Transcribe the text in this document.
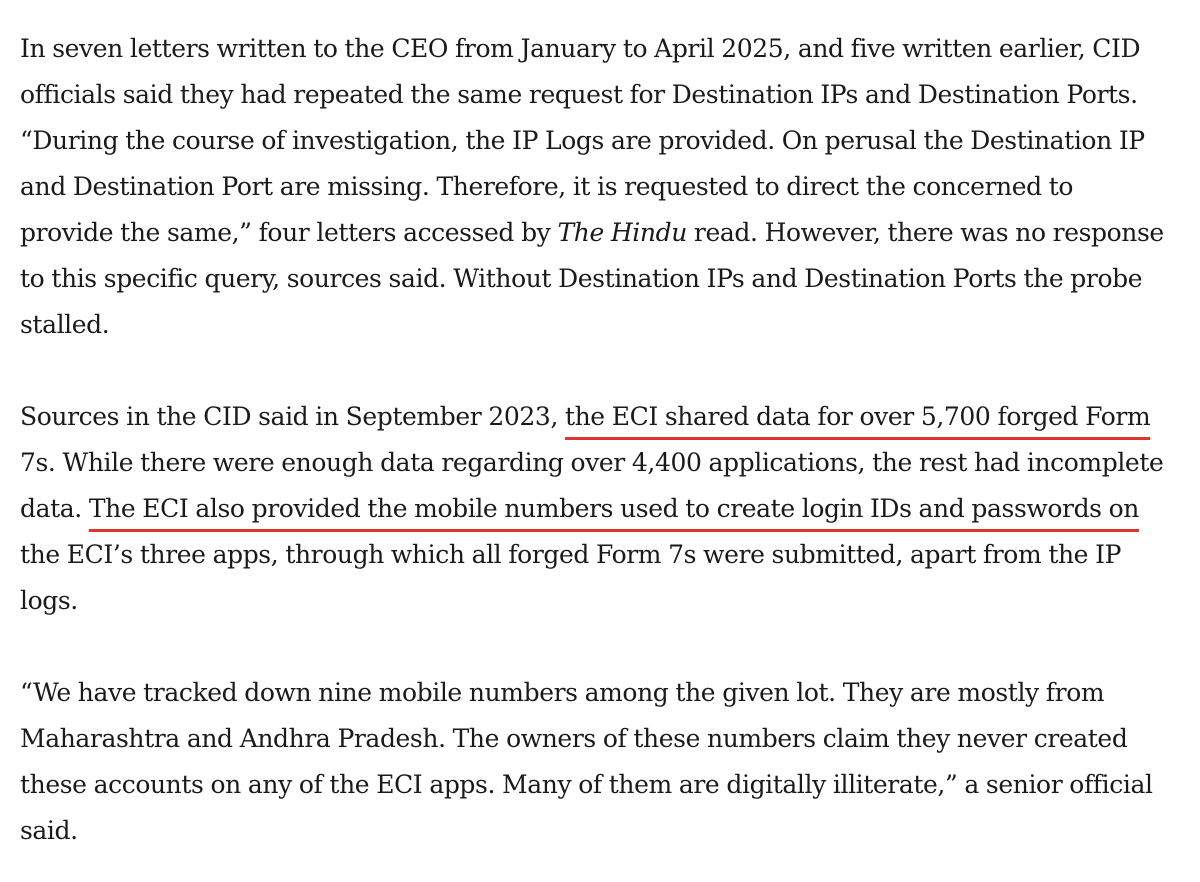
In seven letters written to the CEO from January to April 2025, and five written earlier, CID
officials said they had repeated the same request for Destination IPs and Destination Ports.
“During the course of investigation, the IP Logs are provided. On perusal the Destination IP
and Destination Port are missing. Therefore, it is requested to direct the concerned to
provide the same,” four letters accessed by The Hindu read. However, there was no response
to this specific query, sources said. Without Destination IPs and Destination Ports the probe
stalled.

Sources in the CID said in September 2023, the ECI shared data for over 5,700 forged Form
7s. While there were enough data regarding over 4,400 applications, the rest had incomplete
data. The ECI also provided the mobile numbers used to create login IDs and passwords on
the ECI’s three apps, through which all forged Form 7s were submitted, apart from the IP
logs.

“We have tracked down nine mobile numbers among the given lot. They are mostly from
Maharashtra and Andhra Pradesh. The owners of these numbers claim they never created
these accounts on any of the ECI apps. Many of them are digitally illiterate,” a senior official
said.
